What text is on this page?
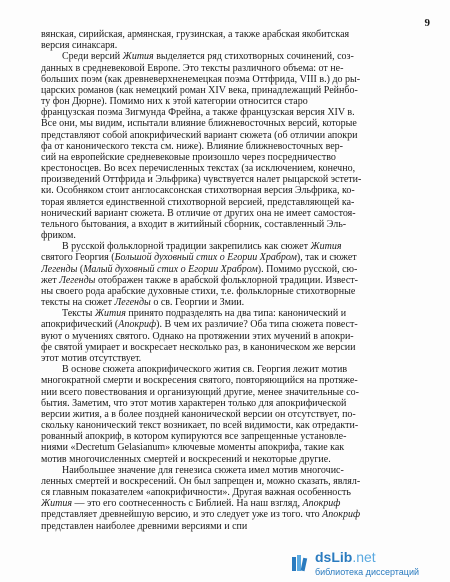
9
вянская, сирийская, армянская, грузинская, а также арабская якобитская
версия синаксаря.
Среди версий Жития выделяется ряд стихотворных сочинений, соз-
данных в средневековой Европе. Это тексты различного объема: от не-
больших поэм (как древневерхненемецкая поэма Оттфрида, VIII в.) до ры-
царских романов (как немецкий роман XIV века, принадлежащий Рейнбо-
ту фон Дюрне). Помимо них к этой категории относится старо
французская поэма Зигмунда Фрейна, а также французская версия XIV в.
Все они, мы видим, испытали влияние ближневосточных версий, которые
представляют собой апокрифический вариант сюжета (об отличии апокри
фа от канонического текста см. ниже). Влияние ближневосточных вер-
сий на европейские средневековые произошло через посредничество
крестоносцев. Во всех перечисленных текстах (за исключением, конечно,
произведений Оттфрида и Эльфрика) чувствуется налет рыцарской эстети-
ки. Особняком стоит англосаксонская стихотворная версия Эльфрика, ко-
торая является единственной стихотворной версией, представляющей ка-
нонический вариант сюжета. В отличие от других она не имеет самостоя-
тельного бытования, а входит в житийный сборник, составленный Эль-
фриком.
В русской фольклорной традиции закрепились как сюжет Жития
святого Георгия (Большой духовный стих о Егории Храбром), так и сюжет
Легенды (Малый духовный стих о Егории Храбром). Помимо русской, сю-
жет Легенды отображен также в арабской фольклорной традиции. Извест-
ны своего рода арабские духовные стихи, т.е. фольклорные стихотворные
тексты на сюжет Легенды о св. Георгии и Змии.
Тексты Жития принято подразделять на два типа: канонический и
апокрифический (Апокриф). В чем их различие? Оба типа сюжета повест-
вуют о мучениях святого. Однако на протяжении этих мучений в апокри-
фе святой умирает и воскресает несколько раз, в каноническом же версии
этот мотив отсутствует.
В основе сюжета апокрифического жития св. Георгия лежит мотив
многократной смерти и воскресения святого, повторяющийся на протяже-
нии всего повествования и организующий другие, менее значительные со-
бытия. Заметим, что этот мотив характерен только для апокрифической
версии жития, а в более поздней канонической версии он отсутствует, по-
скольку канонический текст возникает, по всей видимости, как отредакти-
рованный апокриф, в котором купируются все запрещенные установле-
ниями «Decretum Gelasianum» ключевые моменты апокрифа, такие как
мотив многочисленных смертей и воскресений и некоторые другие.
Наибольшее значение для генезиса сюжета имел мотив многочис-
ленных смертей и воскресений. Он был запрещен и, можно сказать, являл-
ся главным показателем «апокрифичности». Другая важная особенность
Жития — это его соотнесенность с Библией. На наш взгляд, Апокриф
представляет древнейшую версию, и это следует уже из того. что Апокриф
представлен наиболее древними версиями и спи
dsLib.net
библиотека диссертаций
